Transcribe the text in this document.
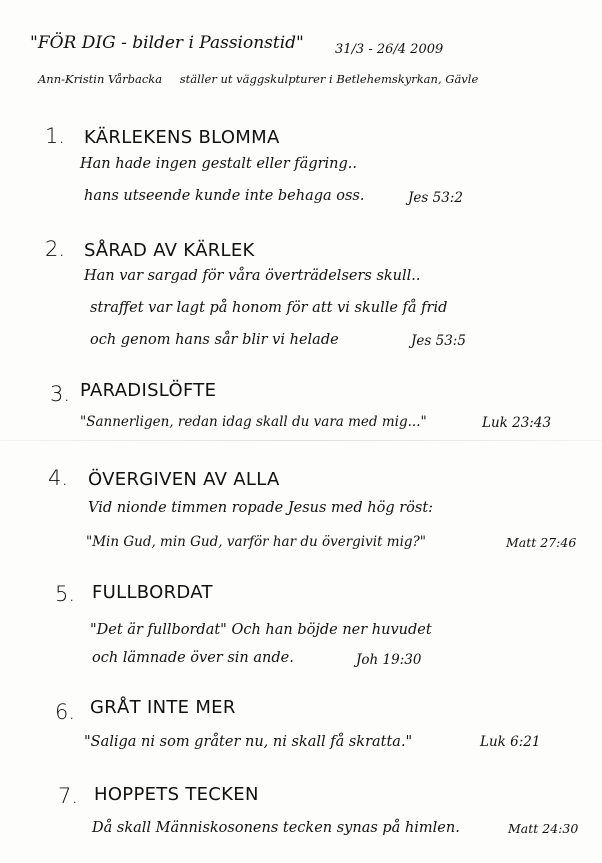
"FÖR DIG - bilder i Passionstid" 31/3 - 26/4 2009
Ann-Kristin Vårbacka ställer ut väggskulpturer i Betlehemskyrkan, Gävle
1. KÄRLEKENS BLOMMA
Han hade ingen gestalt eller fägring..
hans utseende kunde inte behaga oss.	Jes 53:2
2. SÅRAD AV KÄRLEK
Han var sargad för våra överträdelsers skull..
straffet var lagt på honom för att vi skulle få frid
och genom hans sår blir vi helade	Jes 53:5
3. PARADISLÖFTE
"Sannerligen, redan idag skall du vara med mig..."	Luk 23:43
4. ÖVERGIVEN AV ALLA
Vid nionde timmen ropade Jesus med hög röst:
"Min Gud, min Gud, varför har du övergivit mig?"	Matt 27:46
5. FULLBORDAT
"Det är fullbordat" Och han böjde ner huvudet
och lämnade över sin ande.	Joh 19:30
6. GRÅT INTE MER
"Saliga ni som gråter nu, ni skall få skratta."	Luk 6:21
7. HOPPETS TECKEN
Då skall Människosonens tecken synas på himlen.	Matt 24:30
